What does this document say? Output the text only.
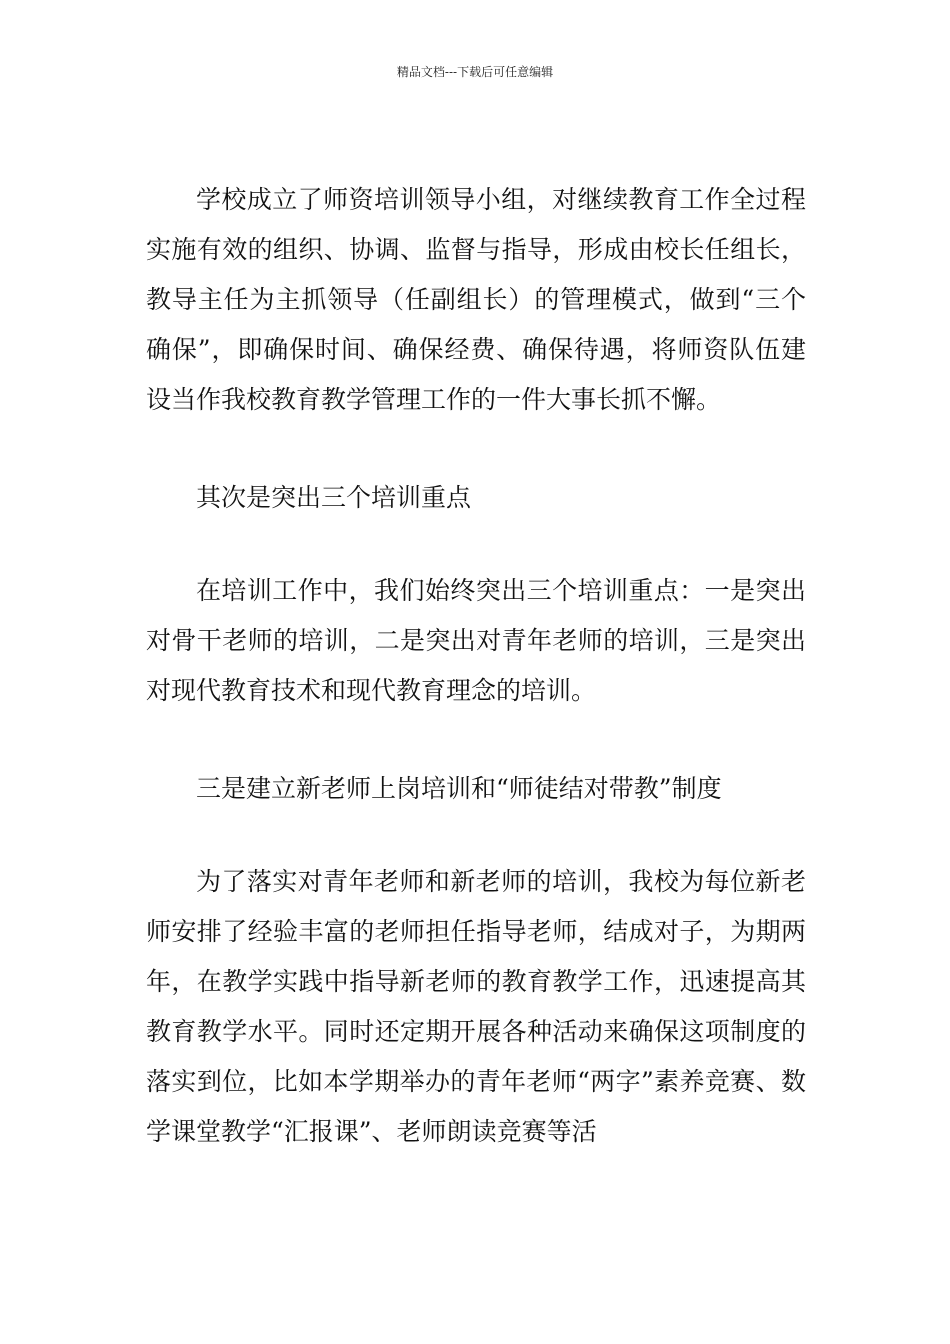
精品文档---下载后可任意编辑

学校成立了师资培训领导小组，对继续教育工作全过程实施有效的组织、协调、监督与指导，形成由校长任组长，教导主任为主抓领导（任副组长）的管理模式，做到“三个确保”，即确保时间、确保经费、确保待遇，将师资队伍建设当作我校教育教学管理工作的一件大事长抓不懈。

其次是突出三个培训重点

在培训工作中，我们始终突出三个培训重点：一是突出对骨干老师的培训，二是突出对青年老师的培训，三是突出对现代教育技术和现代教育理念的培训。

三是建立新老师上岗培训和“师徒结对带教”制度

为了落实对青年老师和新老师的培训，我校为每位新老师安排了经验丰富的老师担任指导老师，结成对子，为期两年，在教学实践中指导新老师的教育教学工作，迅速提高其教育教学水平。同时还定期开展各种活动来确保这项制度的落实到位，比如本学期举办的青年老师“两字”素养竞赛、数学课堂教学“汇报课”、老师朗读竞赛等活
